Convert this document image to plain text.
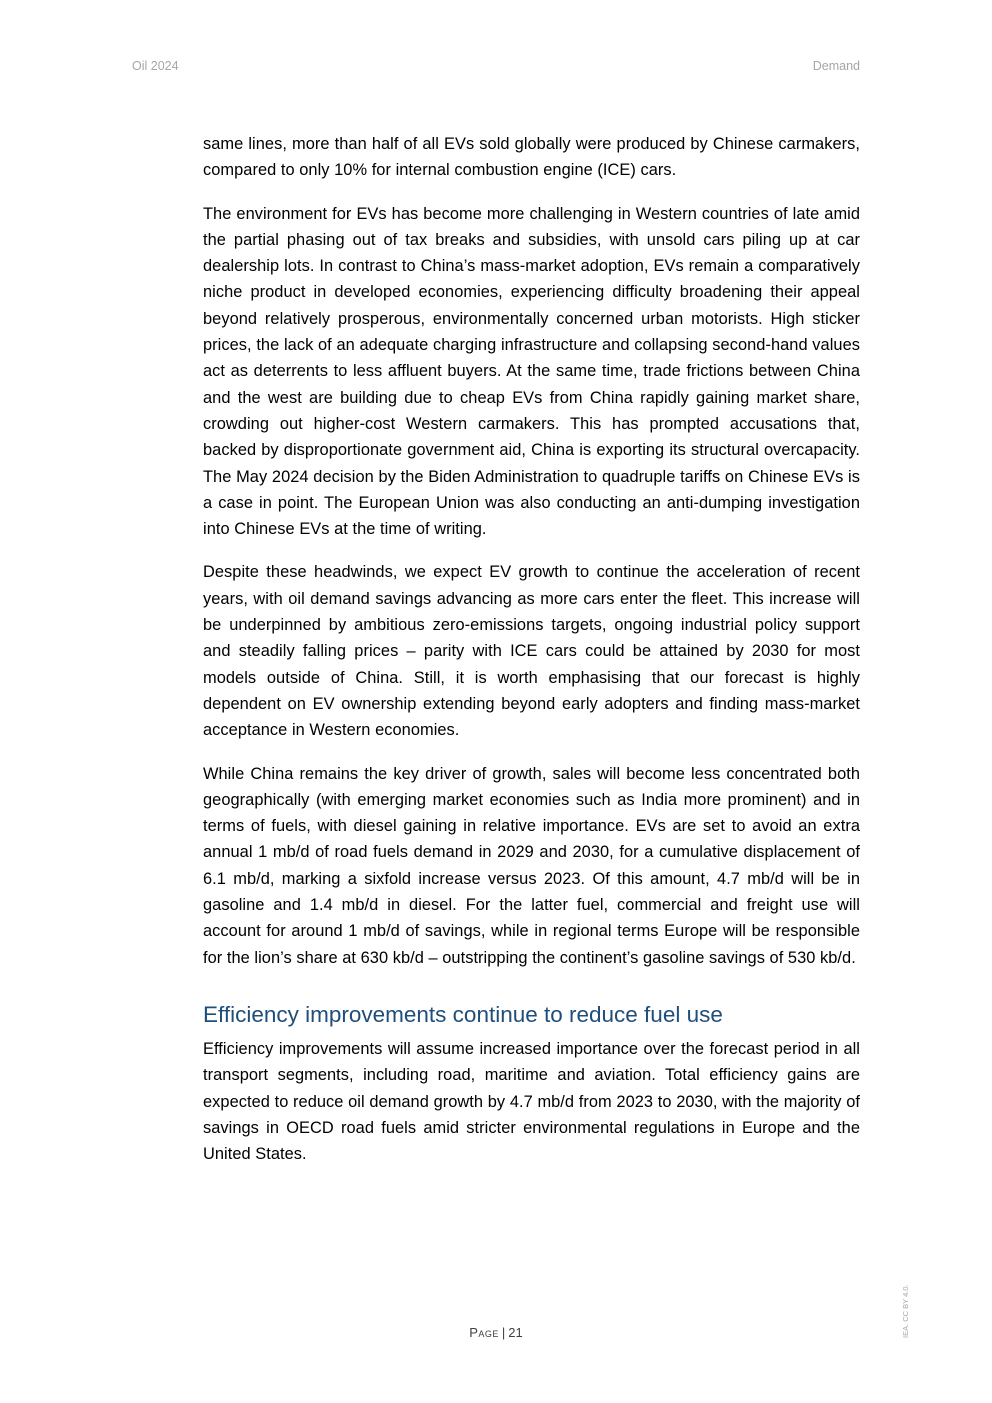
Oil 2024	Demand

same lines, more than half of all EVs sold globally were produced by Chinese carmakers, compared to only 10% for internal combustion engine (ICE) cars.

The environment for EVs has become more challenging in Western countries of late amid the partial phasing out of tax breaks and subsidies, with unsold cars piling up at car dealership lots. In contrast to China’s mass-market adoption, EVs remain a comparatively niche product in developed economies, experiencing difficulty broadening their appeal beyond relatively prosperous, environmentally concerned urban motorists. High sticker prices, the lack of an adequate charging infrastructure and collapsing second-hand values act as deterrents to less affluent buyers. At the same time, trade frictions between China and the west are building due to cheap EVs from China rapidly gaining market share, crowding out higher-cost Western carmakers. This has prompted accusations that, backed by disproportionate government aid, China is exporting its structural overcapacity. The May 2024 decision by the Biden Administration to quadruple tariffs on Chinese EVs is a case in point. The European Union was also conducting an anti-dumping investigation into Chinese EVs at the time of writing.

Despite these headwinds, we expect EV growth to continue the acceleration of recent years, with oil demand savings advancing as more cars enter the fleet. This increase will be underpinned by ambitious zero-emissions targets, ongoing industrial policy support and steadily falling prices – parity with ICE cars could be attained by 2030 for most models outside of China. Still, it is worth emphasising that our forecast is highly dependent on EV ownership extending beyond early adopters and finding mass-market acceptance in Western economies.

While China remains the key driver of growth, sales will become less concentrated both geographically (with emerging market economies such as India more prominent) and in terms of fuels, with diesel gaining in relative importance. EVs are set to avoid an extra annual 1 mb/d of road fuels demand in 2029 and 2030, for a cumulative displacement of 6.1 mb/d, marking a sixfold increase versus 2023. Of this amount, 4.7 mb/d will be in gasoline and 1.4 mb/d in diesel. For the latter fuel, commercial and freight use will account for around 1 mb/d of savings, while in regional terms Europe will be responsible for the lion’s share at 630 kb/d – outstripping the continent’s gasoline savings of 530 kb/d.

Efficiency improvements continue to reduce fuel use

Efficiency improvements will assume increased importance over the forecast period in all transport segments, including road, maritime and aviation. Total efficiency gains are expected to reduce oil demand growth by 4.7 mb/d from 2023 to 2030, with the majority of savings in OECD road fuels amid stricter environmental regulations in Europe and the United States.

Page | 21	IEA. CC BY 4.0.
